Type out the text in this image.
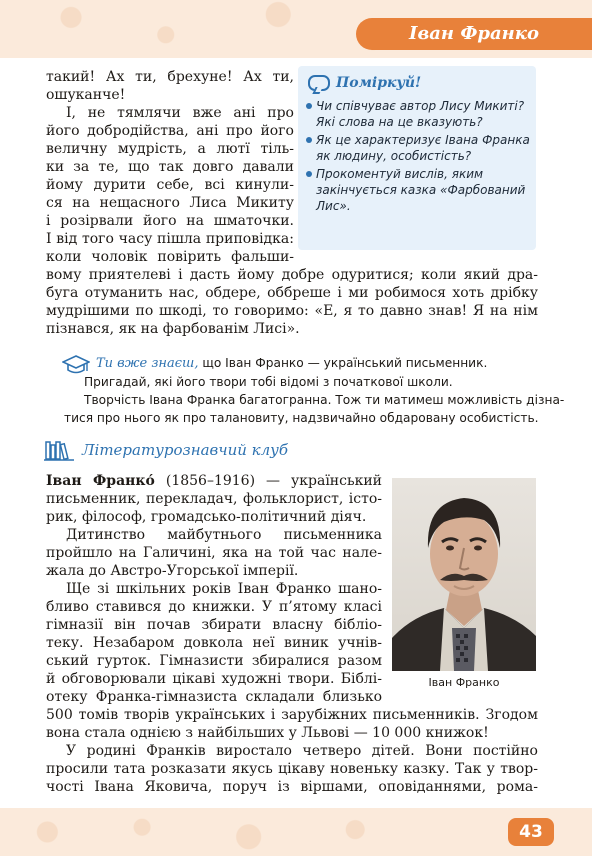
Іван Франко
такий! Ах ти, брехуне! Ах ти,
ошуканче!
І, не тямлячи вже ані про
його добродійства, ані про його
величну мудрість, а лютї тіль-
ки за те, що так довго давали
йому дурити себе, всі кинули-
ся на нещасного Лиса Микиту
і розірвали його на шматочки.
І від того часу пішла приповідка:
коли чоловік повірить фальши-
вому приятелеві і дасть йому добре одуритися; коли який дра-
буга отуманить нас, обдере, оббреше і ми робимося хоть дрібку
мудрішими по шкоді, то говоримо: «Е, я то давно знав! Я на нім
пізнався, як на фарбованім Лисі».
Поміркуй!
Чи співчуває автор Лису Микиті? Які слова на це вказують?
Як це характеризує Івана Франка як людину, особистість?
Прокоментуй вислів, яким закінчується казка «Фарбований Лис».
Ти вже знаєш, що Іван Франко — український письменник.
Пригадай, які його твори тобі відомі з початкової школи.
Творчість Івана Франка багатогранна. Тож ти матимеш можливість дізна-
тися про нього як про талановиту, надзвичайно обдаровану особистість.
Літературознавчий клуб
Іван Франко́ (1856–1916) — український
письменник, перекладач, фольклорист, істо-
рик, філософ, громадсько-політичний діяч.
Дитинство майбутнього письменника
пройшло на Галичині, яка на той час нале-
жала до Австро-Угорської імперії.
Ще зі шкільних років Іван Франко шано-
бливо ставився до книжки. У п’ятому класі
гімназії він почав збирати власну бібліо-
теку. Незабаром довкола неї виник учнів-
ський гурток. Гімназисти збиралися разом
й обговорювали цікаві художні твори. Біблі-
отеку Франка-гімназиста складали близько
500 томів творів українських і зарубіжних письменників. Згодом
вона стала однією з найбільших у Львові — 10 000 книжок!
У родині Франків виростало четверо дітей. Вони постійно
просили тата розказати якусь цікаву новеньку казку. Так у твор-
чості Івана Яковича, поруч із віршами, оповіданнями, рома-
Іван Франко
43
